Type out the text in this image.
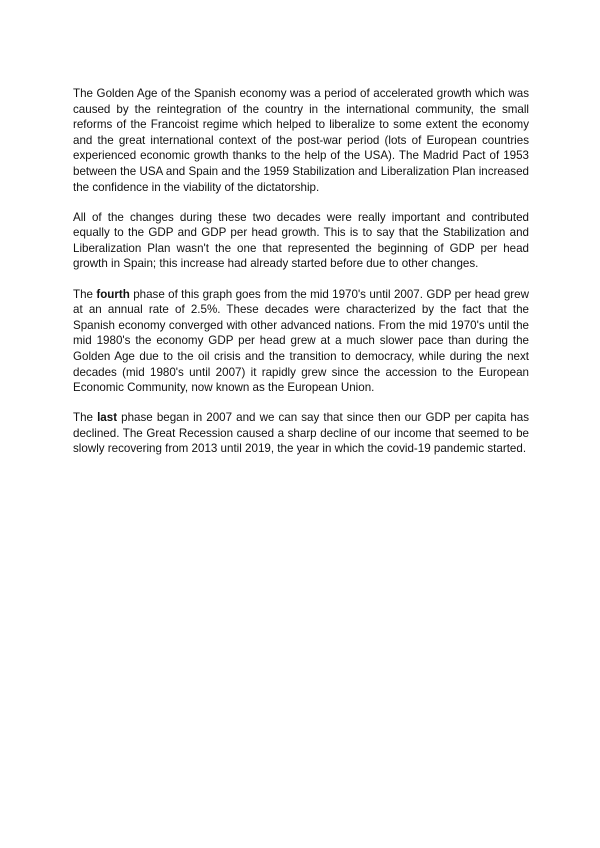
The Golden Age of the Spanish economy was a period of accelerated growth which was caused by the reintegration of the country in the international community, the small reforms of the Francoist regime which helped to liberalize to some extent the economy and the great international context of the post-war period (lots of European countries experienced economic growth thanks to the help of the USA). The Madrid Pact of 1953 between the USA and Spain and the 1959 Stabilization and Liberalization Plan increased the confidence in the viability of the dictatorship.

All of the changes during these two decades were really important and contributed equally to the GDP and GDP per head growth. This is to say that the Stabilization and Liberalization Plan wasn't the one that represented the beginning of GDP per head growth in Spain; this increase had already started before due to other changes.

The fourth phase of this graph goes from the mid 1970's until 2007. GDP per head grew at an annual rate of 2.5%. These decades were characterized by the fact that the Spanish economy converged with other advanced nations. From the mid 1970's until the mid 1980's the economy GDP per head grew at a much slower pace than during the Golden Age due to the oil crisis and the transition to democracy, while during the next decades (mid 1980's until 2007) it rapidly grew since the accession to the European Economic Community, now known as the European Union.

The last phase began in 2007 and we can say that since then our GDP per capita has declined. The Great Recession caused a sharp decline of our income that seemed to be slowly recovering from 2013 until 2019, the year in which the covid-19 pandemic started.
